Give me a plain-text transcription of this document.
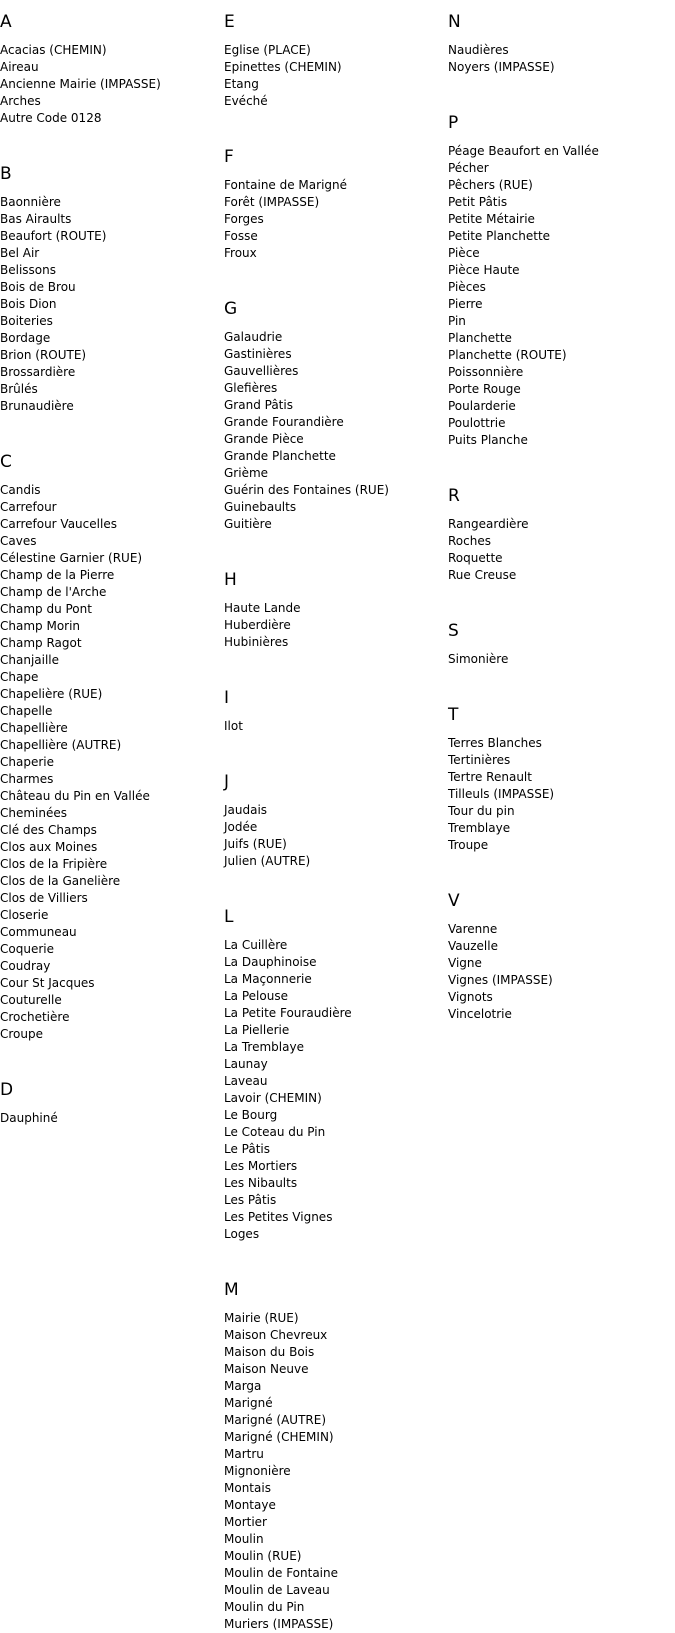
A
Acacias (CHEMIN)
Aireau
Ancienne Mairie (IMPASSE)
Arches
Autre Code 0128
B
Baonnière
Bas Airaults
Beaufort (ROUTE)
Bel Air
Belissons
Bois de Brou
Bois Dion
Boiteries
Bordage
Brion (ROUTE)
Brossardière
Brûlés
Brunaudière
C
Candis
Carrefour
Carrefour Vaucelles
Caves
Célestine Garnier (RUE)
Champ de la Pierre
Champ de l'Arche
Champ du Pont
Champ Morin
Champ Ragot
Chanjaille
Chape
Chapelière (RUE)
Chapelle
Chapellière
Chapellière (AUTRE)
Chaperie
Charmes
Château du Pin en Vallée
Cheminées
Clé des Champs
Clos aux Moines
Clos de la Fripière
Clos de la Ganelière
Clos de Villiers
Closerie
Communeau
Coquerie
Coudray
Cour St Jacques
Couturelle
Crochetière
Croupe
D
Dauphiné
E
Eglise (PLACE)
Epinettes (CHEMIN)
Etang
Evéché
F
Fontaine de Marigné
Forêt (IMPASSE)
Forges
Fosse
Froux
G
Galaudrie
Gastinières
Gauvellières
Glefières
Grand Pâtis
Grande Fourandière
Grande Pièce
Grande Planchette
Grième
Guérin des Fontaines (RUE)
Guinebaults
Guitière
H
Haute Lande
Huberdière
Hubinières
I
Ilot
J
Jaudais
Jodée
Juifs (RUE)
Julien (AUTRE)
L
La Cuillère
La Dauphinoise
La Maçonnerie
La Pelouse
La Petite Fouraudière
La Piellerie
La Tremblaye
Launay
Laveau
Lavoir (CHEMIN)
Le Bourg
Le Coteau du Pin
Le Pâtis
Les Mortiers
Les Nibaults
Les Pâtis
Les Petites Vignes
Loges
M
Mairie (RUE)
Maison Chevreux
Maison du Bois
Maison Neuve
Marga
Marigné
Marigné (AUTRE)
Marigné (CHEMIN)
Martru
Mignonière
Montais
Montaye
Mortier
Moulin
Moulin (RUE)
Moulin de Fontaine
Moulin de Laveau
Moulin du Pin
Muriers (IMPASSE)
N
Naudières
Noyers (IMPASSE)
P
Péage Beaufort en Vallée
Pécher
Pêchers (RUE)
Petit Pâtis
Petite Métairie
Petite Planchette
Pièce
Pièce Haute
Pièces
Pierre
Pin
Planchette
Planchette (ROUTE)
Poissonnière
Porte Rouge
Poularderie
Poulottrie
Puits Planche
R
Rangeardière
Roches
Roquette
Rue Creuse
S
Simonière
T
Terres Blanches
Tertinières
Tertre Renault
Tilleuls (IMPASSE)
Tour du pin
Tremblaye
Troupe
V
Varenne
Vauzelle
Vigne
Vignes (IMPASSE)
Vignots
Vincelotrie
